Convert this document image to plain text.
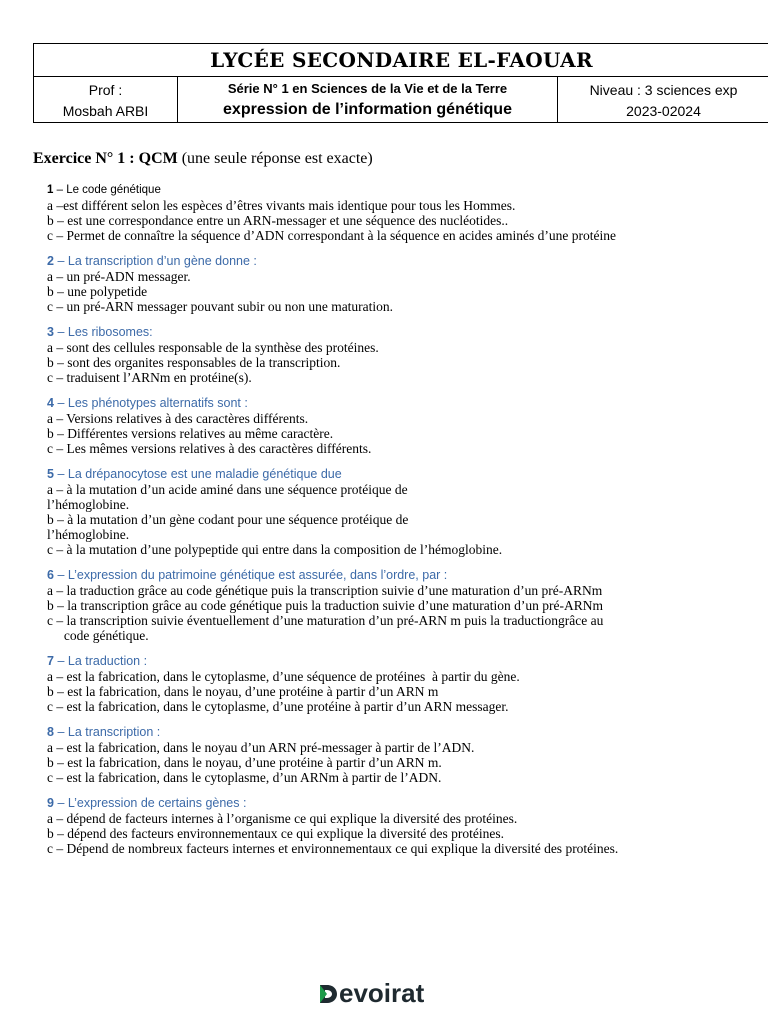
LYCÉE SECONDAIRE EL-FAOUAR
Prof :
Mosbah ARBI
Série N° 1 en Sciences de la Vie et de la Terre
expression de l’information génétique
Niveau : 3 sciences exp
2023-02024
Exercice N° 1 : QCM (une seule réponse est exacte)
1 – Le code génétique
a –est différent selon les espèces d’êtres vivants mais identique pour tous les Hommes.
b – est une correspondance entre un ARN-messager et une séquence des nucléotides..
c – Permet de connaître la séquence d’ADN correspondant à la séquence en acides aminés d’une protéine
2 – La transcription d’un gène donne :
a – un pré-ADN messager.
b – une polypetide
c – un pré-ARN messager pouvant subir ou non une maturation.
3 – Les ribosomes:
a – sont des cellules responsable de la synthèse des protéines.
b – sont des organites responsables de la transcription.
c – traduisent l’ARNm en protéine(s).
4 – Les phénotypes alternatifs sont :
a – Versions relatives à des caractères différents.
b – Différentes versions relatives au même caractère.
c – Les mêmes versions relatives à des caractères différents.
5 – La drépanocytose est une maladie génétique due
a – à la mutation d’un acide aminé dans une séquence protéique de
l’hémoglobine.
b – à la mutation d’un gène codant pour une séquence protéique de
l’hémoglobine.
c – à la mutation d’une polypeptide qui entre dans la composition de l’hémoglobine.
6 – L’expression du patrimoine génétique est assurée, dans l’ordre, par :
a – la traduction grâce au code génétique puis la transcription suivie d’une maturation d’un pré-ARNm
b – la transcription grâce au code génétique puis la traduction suivie d’une maturation d’un pré-ARNm
c – la transcription suivie éventuellement d’une maturation d’un pré-ARN m puis la traductiongrâce au
code génétique.
7 – La traduction :
a – est la fabrication, dans le cytoplasme, d’une séquence de protéines  à partir du gène.
b – est la fabrication, dans le noyau, d’une protéine à partir d’un ARN m
c – est la fabrication, dans le cytoplasme, d’une protéine à partir d’un ARN messager.
8 – La transcription :
a – est la fabrication, dans le noyau d’un ARN pré-messager à partir de l’ADN.
b – est la fabrication, dans le noyau, d’une protéine à partir d’un ARN m.
c – est la fabrication, dans le cytoplasme, d’un ARNm à partir de l’ADN.
9 – L’expression de certains gènes :
a – dépend de facteurs internes à l’organisme ce qui explique la diversité des protéines.
b – dépend des facteurs environnementaux ce qui explique la diversité des protéines.
c – Dépend de nombreux facteurs internes et environnementaux ce qui explique la diversité des protéines.
evoirat
